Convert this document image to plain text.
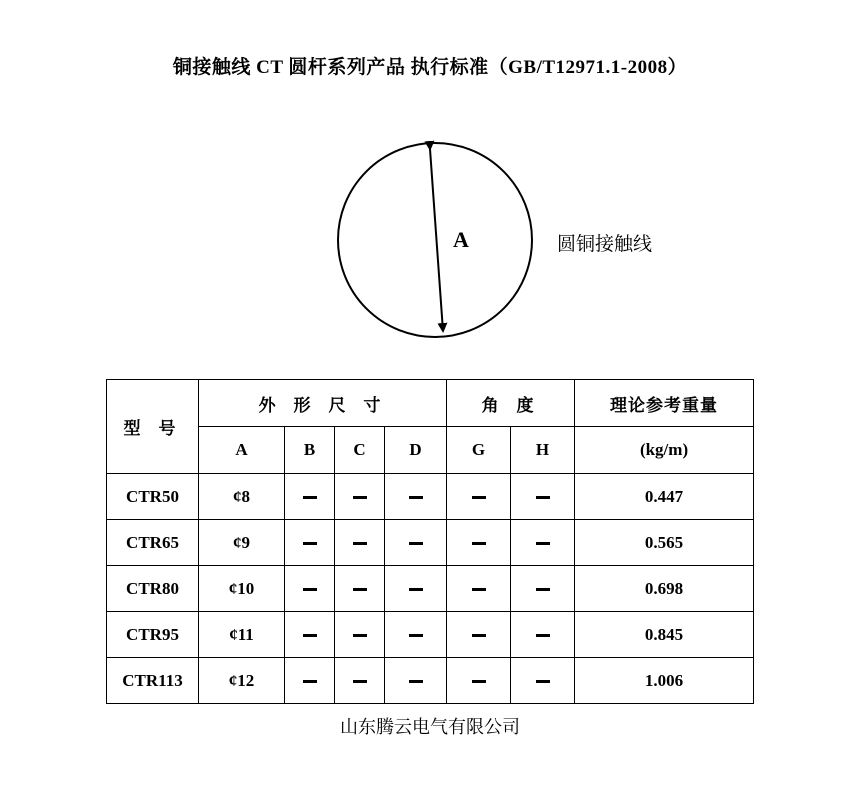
铜接触线 CT 圆杆系列产品 执行标准（GB/T12971.1-2008）
A	圆铜接触线
型 号	外 形 尺 寸				角 度		理论参考重量
	A	B	C	D	G	H	(kg/m)
CTR50	¢8						0.447
CTR65	¢9						0.565
CTR80	¢10						0.698
CTR95	¢11						0.845
CTR113	¢12						1.006
山东腾云电气有限公司
